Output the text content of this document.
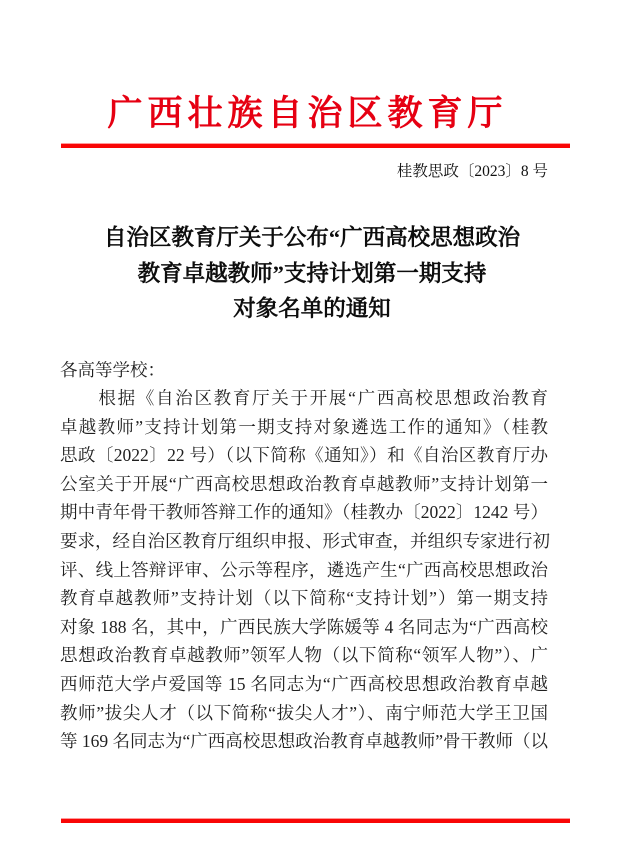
广西壮族自治区教育厅
桂教思政〔2023〕8 号
自治区教育厅关于公布“广西高校思想政治
教育卓越教师”支持计划第一期支持
对象名单的通知
各高等学校：
　　根据《自治区教育厅关于开展“广西高校思想政治教育
卓越教师”支持计划第一期支持对象遴选工作的通知》（桂教
思政〔2022〕22 号）（以下简称《通知》）和《自治区教育厅办
公室关于开展“广西高校思想政治教育卓越教师”支持计划第一
期中青年骨干教师答辩工作的通知》（桂教办〔2022〕1242 号）
要求，经自治区教育厅组织申报、形式审查，并组织专家进行初
评、线上答辩评审、公示等程序，遴选产生“广西高校思想政治
教育卓越教师”支持计划（以下简称“支持计划”）第一期支持
对象 188 名，其中，广西民族大学陈媛等 4 名同志为“广西高校
思想政治教育卓越教师”领军人物（以下简称“领军人物”）、广
西师范大学卢爱国等 15 名同志为“广西高校思想政治教育卓越
教师”拔尖人才（以下简称“拔尖人才”）、南宁师范大学王卫国
等 169 名同志为“广西高校思想政治教育卓越教师”骨干教师（以
